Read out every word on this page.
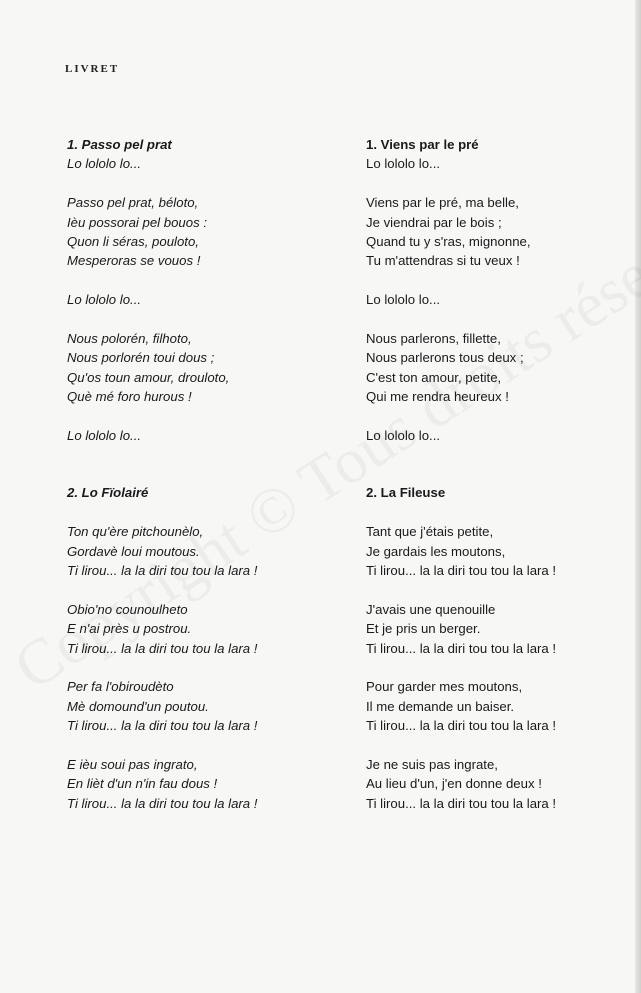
LIVRET
1. Passo pel prat
Lo lololo lo...
Passo pel prat, béloto,
Ièu possorai pel bouos :
Quon li séras, pouloto,
Mesperoras se vouos !
Lo lololo lo...
Nous polorén, filhoto,
Nous porlorén toui dous ;
Qu'os toun amour, drouloto,
Què mé foro hurous !
Lo lololo lo...
2. Lo Fïolairé
Ton qu'ère pitchounèlo,
Gordavè loui moutous.
Ti lirou... la la diri tou tou la lara !
Obio'no counoulheto
E n'ai près u postrou.
Ti lirou... la la diri tou tou la lara !
Per fa l'obiroudèto
Mè domound'un poutou.
Ti lirou... la la diri tou tou la lara !
E ièu soui pas ingrato,
En lièt d'un n'in fau dous !
Ti lirou... la la diri tou tou la lara !
1. Viens par le pré
Lo lololo lo...
Viens par le pré, ma belle,
Je viendrai par le bois ;
Quand tu y s'ras, mignonne,
Tu m'attendras si tu veux !
Lo lololo lo...
Nous parlerons, fillette,
Nous parlerons tous deux ;
C'est ton amour, petite,
Qui me rendra heureux !
Lo lololo lo...
2. La Fileuse
Tant que j'étais petite,
Je gardais les moutons,
Ti lirou... la la diri tou tou la lara !
J'avais une quenouille
Et je pris un berger.
Ti lirou... la la diri tou tou la lara !
Pour garder mes moutons,
Il me demande un baiser.
Ti lirou... la la diri tou tou la lara !
Je ne suis pas ingrate,
Au lieu d'un, j'en donne deux !
Ti lirou... la la diri tou tou la lara !
